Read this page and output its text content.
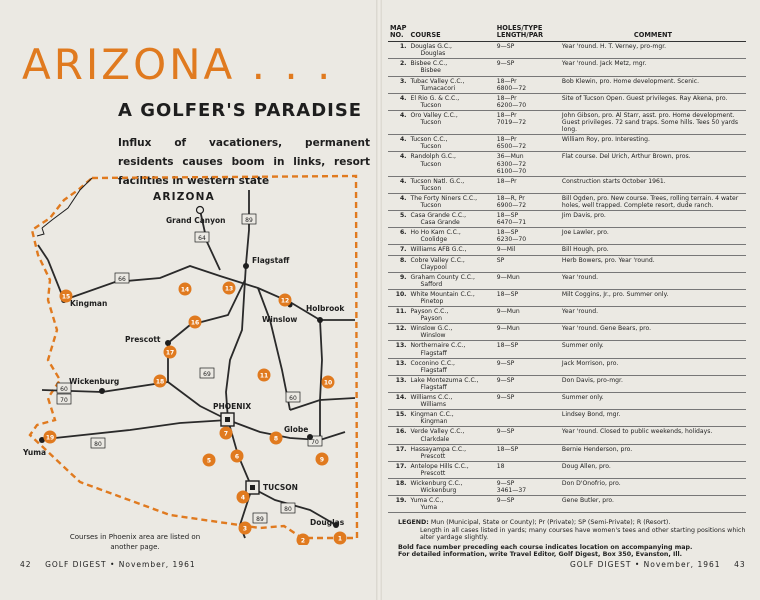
ARIZONA . . .
A GOLFER'S PARADISE
Influx of vacationers, permanent residents causes boom in links, resort facilities in western state
89
64
66
60
70
69
80
60
70
80
89
ARIZONA
Grand Canyon
Flagstaff
Kingman
Holbrook
Winslow
Prescott
Wickenburg
PHOENIX
Globe
Yuma
TUCSON
Douglas
1
2
3
4
5
6
7
8
9
10
11
12
13
14
15
16
17
18
19
Courses in Phoenix area are listed on another page.
42 GOLF DIGEST • November, 1961
MAP
NO.	COURSE	HOLES/TYPE
LENGTH/PAR	COMMENT
1.	Douglas G.C.,
Douglas	9—SP	Year 'round. H. T. Verney, pro-mgr.
2.	Bisbee C.C.,
Bisbee	9—SP	Year 'round. Jack Metz, mgr.
3.	Tubac Valley C.C.,
Tumacacori	18—Pr
6800—72	Bob Klewin, pro. Home development. Scenic.
4.	El Rio G. & C.C.,
Tucson	18—Pr
6200—70	Site of Tucson Open. Guest privileges. Ray Akena, pro.
4.	Oro Valley C.C.,
Tucson	18—Pr
7019—72	John Gibson, pro. Al Starr, asst. pro. Home development. Guest privileges. 72 sand traps. Some hills. Tees 50 yards long.
4.	Tucson C.C.,
Tucson	18—Pr
6500—72	William Roy, pro. Interesting.
4.	Randolph G.C.,
Tucson	36—Mun
6300—72
6100—70	Flat course. Del Urich, Arthur Brown, pros.
4.	Tucson Natl. G.C.,
Tucson	18—Pr	Construction starts October 1961.
4.	The Forty Niners C.C.,
Tucson	18—R, Pr
6900—72	Bill Ogden, pro. New course. Trees, rolling terrain. 4 water holes, well trapped. Complete resort, dude ranch.
5.	Casa Grande C.C.,
Casa Grande	18—SP
6470—71	Jim Davis, pro.
6.	Ho Ho Kam C.C.,
Coolidge	18—SP
6230—70	Joe Lawler, pro.
7.	Williams AFB G.C.,	9—Mil	Bill Hough, pro.
8.	Cobre Valley C.C.,
Claypool	SP	Herb Bowers, pro. Year 'round.
9.	Graham County C.C.,
Safford	9—Mun	Year 'round.
10.	White Mountain C.C.,
Pinetop	18—SP	Milt Coggins, Jr., pro. Summer only.
11.	Payson C.C.,
Payson	9—Mun	Year 'round.
12.	Winslow G.C.,
Winslow	9—Mun	Year 'round. Gene Bears, pro.
13.	Northernaire C.C.,
Flagstaff	18—SP	Summer only.
13.	Coconino C.C.,
Flagstaff	9—SP	Jack Morrison, pro.
13.	Lake Montezuma C.C.,
Flagstaff	9—SP	Don Davis, pro-mgr.
14.	Williams C.C.,
Williams	9—SP	Summer only.
15.	Kingman C.C.,
Kingman		Lindsey Bond, mgr.
16.	Verde Valley C.C.,
Clarkdale	9—SP	Year 'round. Closed to public weekends, holidays.
17.	Hassayampa C.C.,
Prescott	18—SP	Bernie Henderson, pro.
17.	Antelope Hills C.C.,
Prescott	18	Doug Allen, pro.
18.	Wickenburg C.C.,
Wickenburg	9—SP
3461—37	Don D'Onofrio, pro.
19.	Yuma C.C.,
Yuma	9—SP	Gene Butler, pro.
LEGEND: Mun (Municipal, State or County); Pr (Private); SP (Semi-Private); R (Resort).
Length in all cases listed in yards; many courses have women's tees and other starting positions which alter yardage slightly.
Bold face number preceding each course indicates location on accompanying map.
For detailed information, write Travel Editor, Golf Digest, Box 350, Evanston, Ill.
GOLF DIGEST • November, 1961 43
